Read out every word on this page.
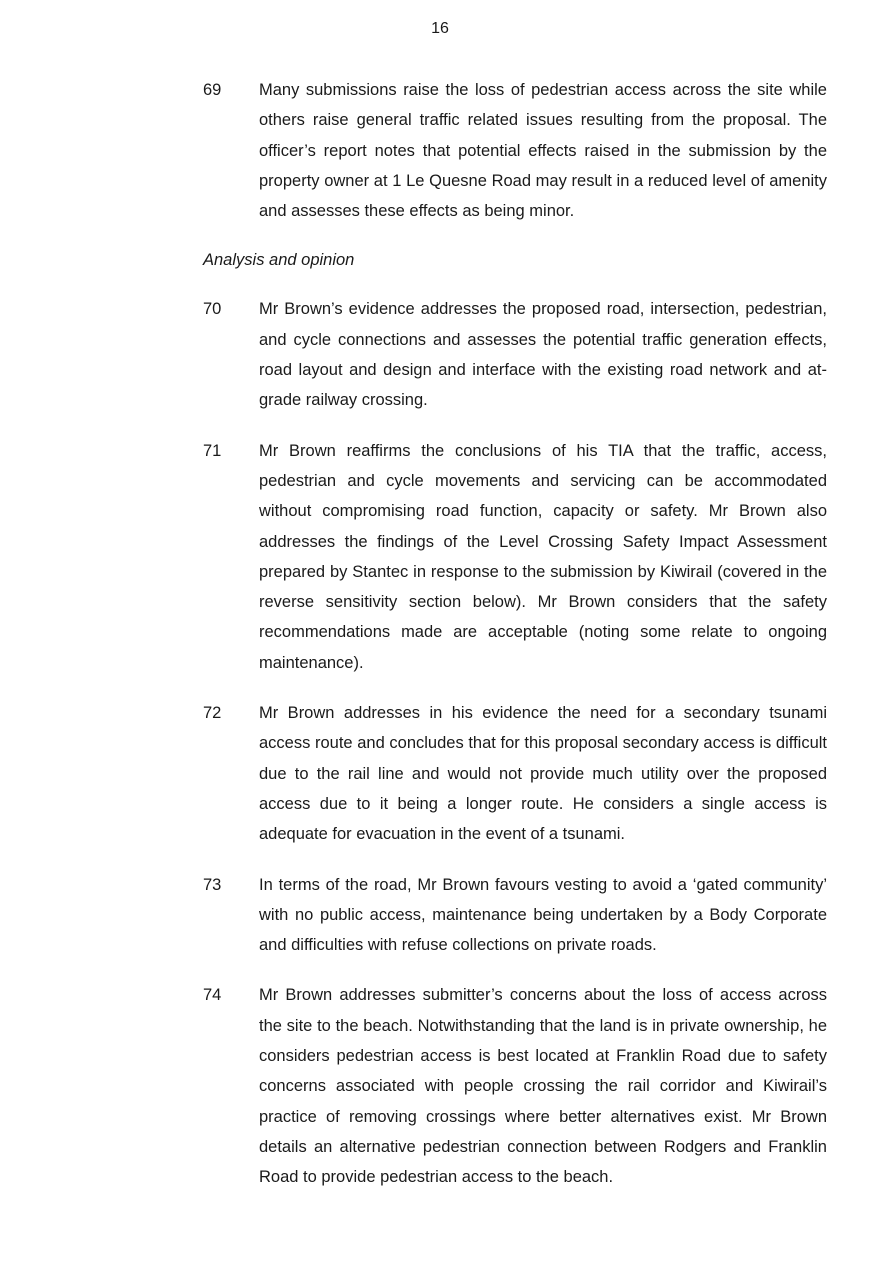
16
69	Many submissions raise the loss of pedestrian access across the site while others raise general traffic related issues resulting from the proposal. The officer’s report notes that potential effects raised in the submission by the property owner at 1 Le Quesne Road may result in a reduced level of amenity and assesses these effects as being minor.
Analysis and opinion
70	Mr Brown’s evidence addresses the proposed road, intersection, pedestrian, and cycle connections and assesses the potential traffic generation effects, road layout and design and interface with the existing road network and at-grade railway crossing.
71	Mr Brown reaffirms the conclusions of his TIA that the traffic, access, pedestrian and cycle movements and servicing can be accommodated without compromising road function, capacity or safety. Mr Brown also addresses the findings of the Level Crossing Safety Impact Assessment prepared by Stantec in response to the submission by Kiwirail (covered in the reverse sensitivity section below). Mr Brown considers that the safety recommendations made are acceptable (noting some relate to ongoing maintenance).
72	Mr Brown addresses in his evidence the need for a secondary tsunami access route and concludes that for this proposal secondary access is difficult due to the rail line and would not provide much utility over the proposed access due to it being a longer route. He considers a single access is adequate for evacuation in the event of a tsunami.
73	In terms of the road, Mr Brown favours vesting to avoid a ‘gated community’ with no public access, maintenance being undertaken by a Body Corporate and difficulties with refuse collections on private roads.
74	Mr Brown addresses submitter’s concerns about the loss of access across the site to the beach. Notwithstanding that the land is in private ownership, he considers pedestrian access is best located at Franklin Road due to safety concerns associated with people crossing the rail corridor and Kiwirail’s practice of removing crossings where better alternatives exist. Mr Brown details an alternative pedestrian connection between Rodgers and Franklin Road to provide pedestrian access to the beach.
